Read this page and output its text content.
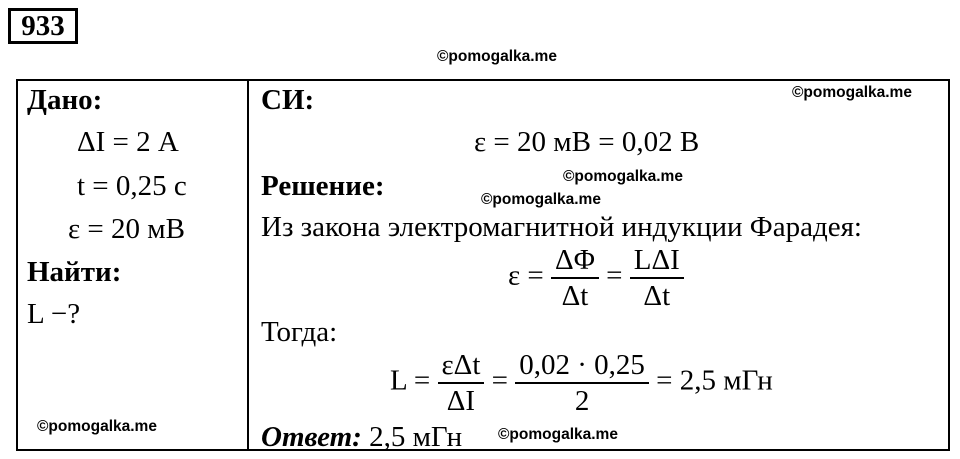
933
©pomogalka.me
©pomogalka.me
©pomogalka.me
©pomogalka.me
©pomogalka.me	©pomogalka.me
Дано:
ΔI = 2 А
t = 0,25 с
ε = 20 мВ
Найти:
L −?
СИ:
ε = 20 мВ = 0,02 В
Решение:
Из закона электромагнитной индукции Фарадея:
$\varepsilon = \frac{\Delta\Phi}{\Delta t} = \frac{\text{LΔI}}{\Delta t}$
Тогда:
$L = \frac{\text{εΔt}}{\Delta I} = \frac{0,02 \cdot 0,25}{2} = 2,5$ мГн
Ответ: 2,5 мГн
